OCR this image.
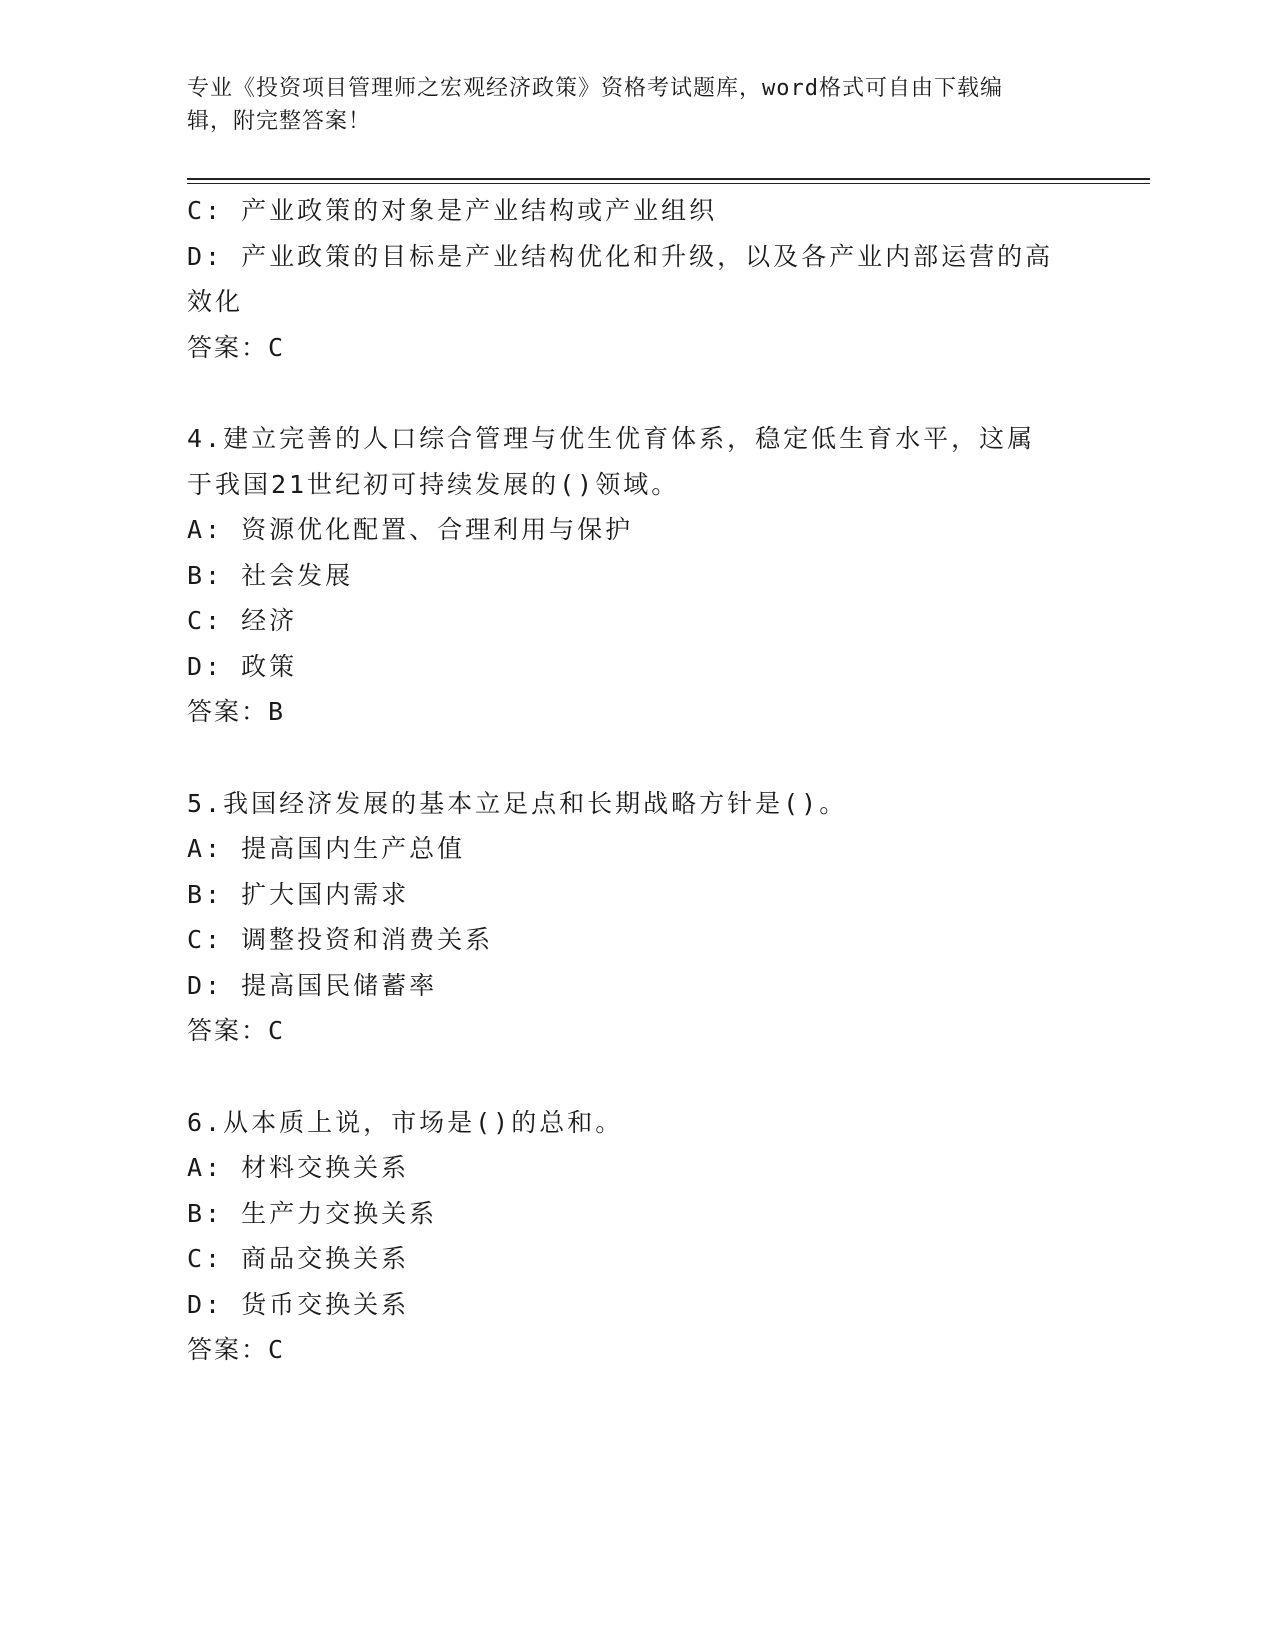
专业《投资项目管理师之宏观经济政策》资格考试题库，word格式可自由下载编
辑，附完整答案！
C: 产业政策的对象是产业结构或产业组织
D: 产业政策的目标是产业结构优化和升级，以及各产业内部运营的高
效化
答案：C
4.建立完善的人口综合管理与优生优育体系，稳定低生育水平，这属
于我国21世纪初可持续发展的()领域。
A: 资源优化配置、合理利用与保护
B: 社会发展
C: 经济
D: 政策
答案：B
5.我国经济发展的基本立足点和长期战略方针是()。
A: 提高国内生产总值
B: 扩大国内需求
C: 调整投资和消费关系
D: 提高国民储蓄率
答案：C
6.从本质上说，市场是()的总和。
A: 材料交换关系
B: 生产力交换关系
C: 商品交换关系
D: 货币交换关系
答案：C
